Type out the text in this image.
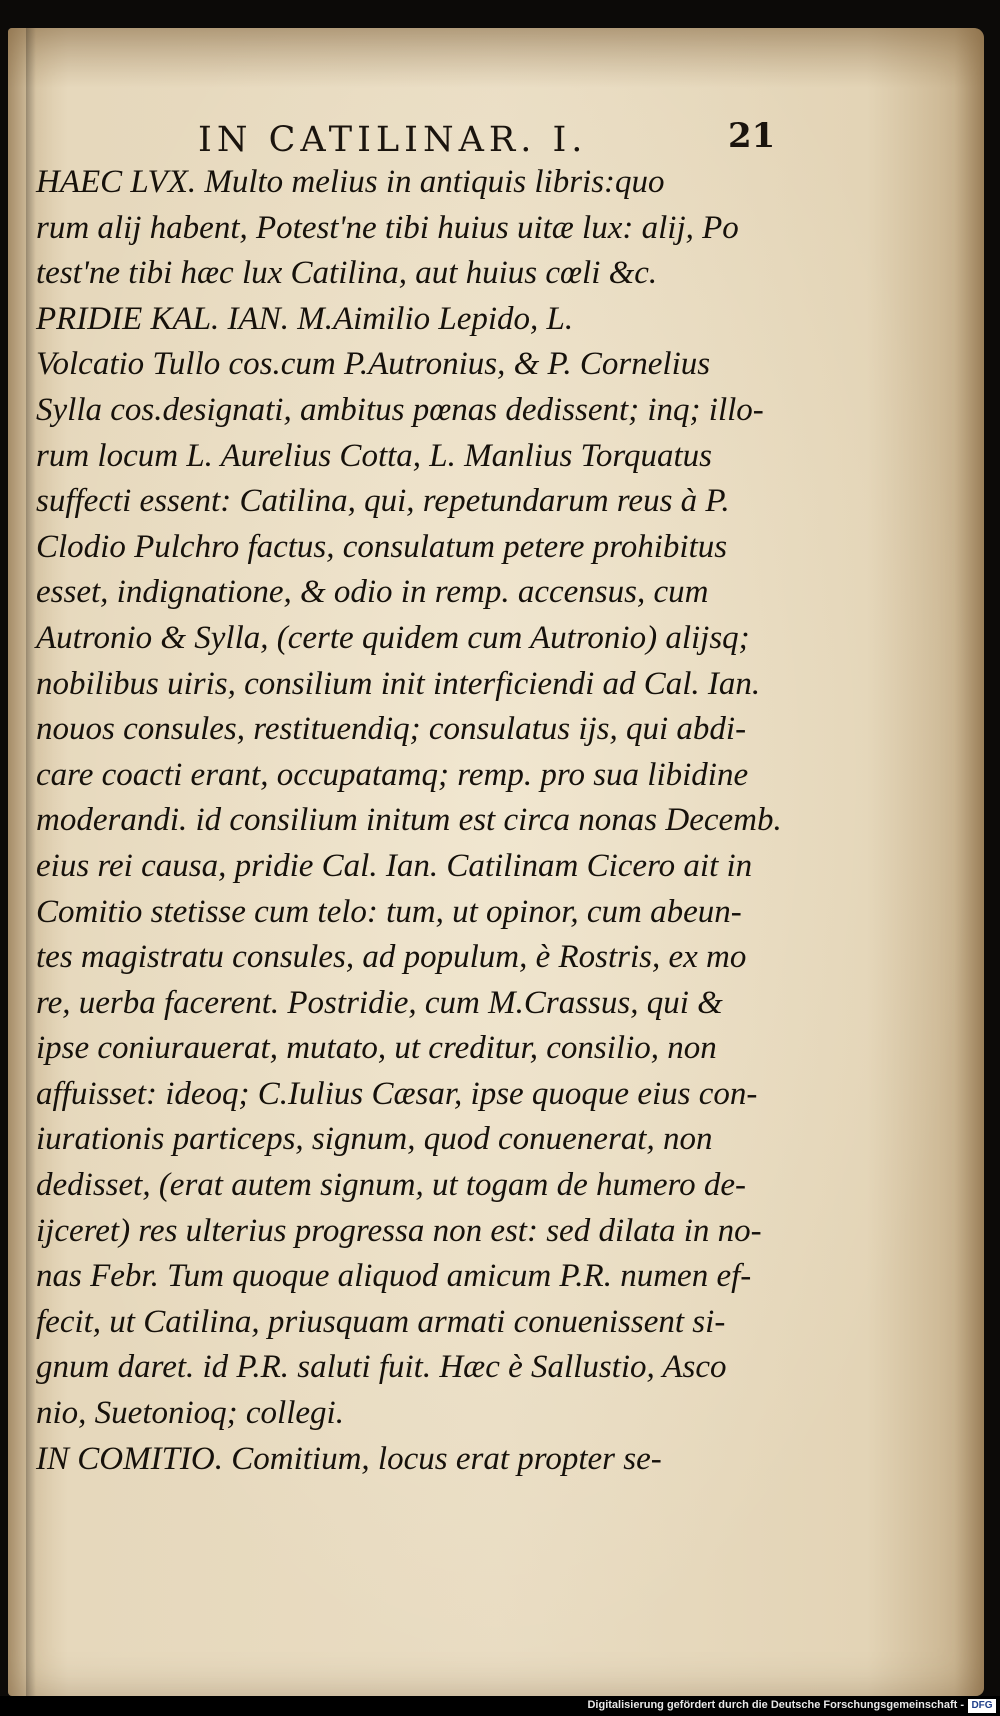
IN CATILINAR. I.	21
HAEC LVX. Multo melius in antiquis libris:quo
rum alij habent, Potest'ne tibi huius uitæ lux: alij, Po
test'ne tibi hæc lux Catilina, aut huius cœli &c.
PRIDIE KAL. IAN. M.Aimilio Lepido, L.
Volcatio Tullo cos.cum P.Autronius, & P. Cornelius
Sylla cos.designati, ambitus pœnas dedissent; inq; illo-
rum locum L. Aurelius Cotta, L. Manlius Torquatus
suffecti essent: Catilina, qui, repetundarum reus à P.
Clodio Pulchro factus, consulatum petere prohibitus
esset, indignatione, & odio in remp. accensus, cum
Autronio & Sylla, (certe quidem cum Autronio) alijsq;
nobilibus uiris, consilium init interficiendi ad Cal. Ian.
nouos consules, restituendiq; consulatus ijs, qui abdi-
care coacti erant, occupatamq; remp. pro sua libidine
moderandi. id consilium initum est circa nonas Decemb.
eius rei causa, pridie Cal. Ian. Catilinam Cicero ait in
Comitio stetisse cum telo: tum, ut opinor, cum abeun-
tes magistratu consules, ad populum, è Rostris, ex mo
re, uerba facerent. Postridie, cum M.Crassus, qui &
ipse coniurauerat, mutato, ut creditur, consilio, non
affuisset: ideoq; C.Iulius Cæsar, ipse quoque eius con-
iurationis particeps, signum, quod conuenerat, non
dedisset, (erat autem signum, ut togam de humero de-
ijceret) res ulterius progressa non est: sed dilata in no-
nas Febr. Tum quoque aliquod amicum P.R. numen ef-
fecit, ut Catilina, priusquam armati conuenissent si-
gnum daret. id P.R. saluti fuit. Hæc è Sallustio, Asco
nio, Suetonioq; collegi.
IN COMITIO. Comitium, locus erat propter se-
Digitalisierung gefördert durch die Deutsche Forschungsgemeinschaft - DFG
